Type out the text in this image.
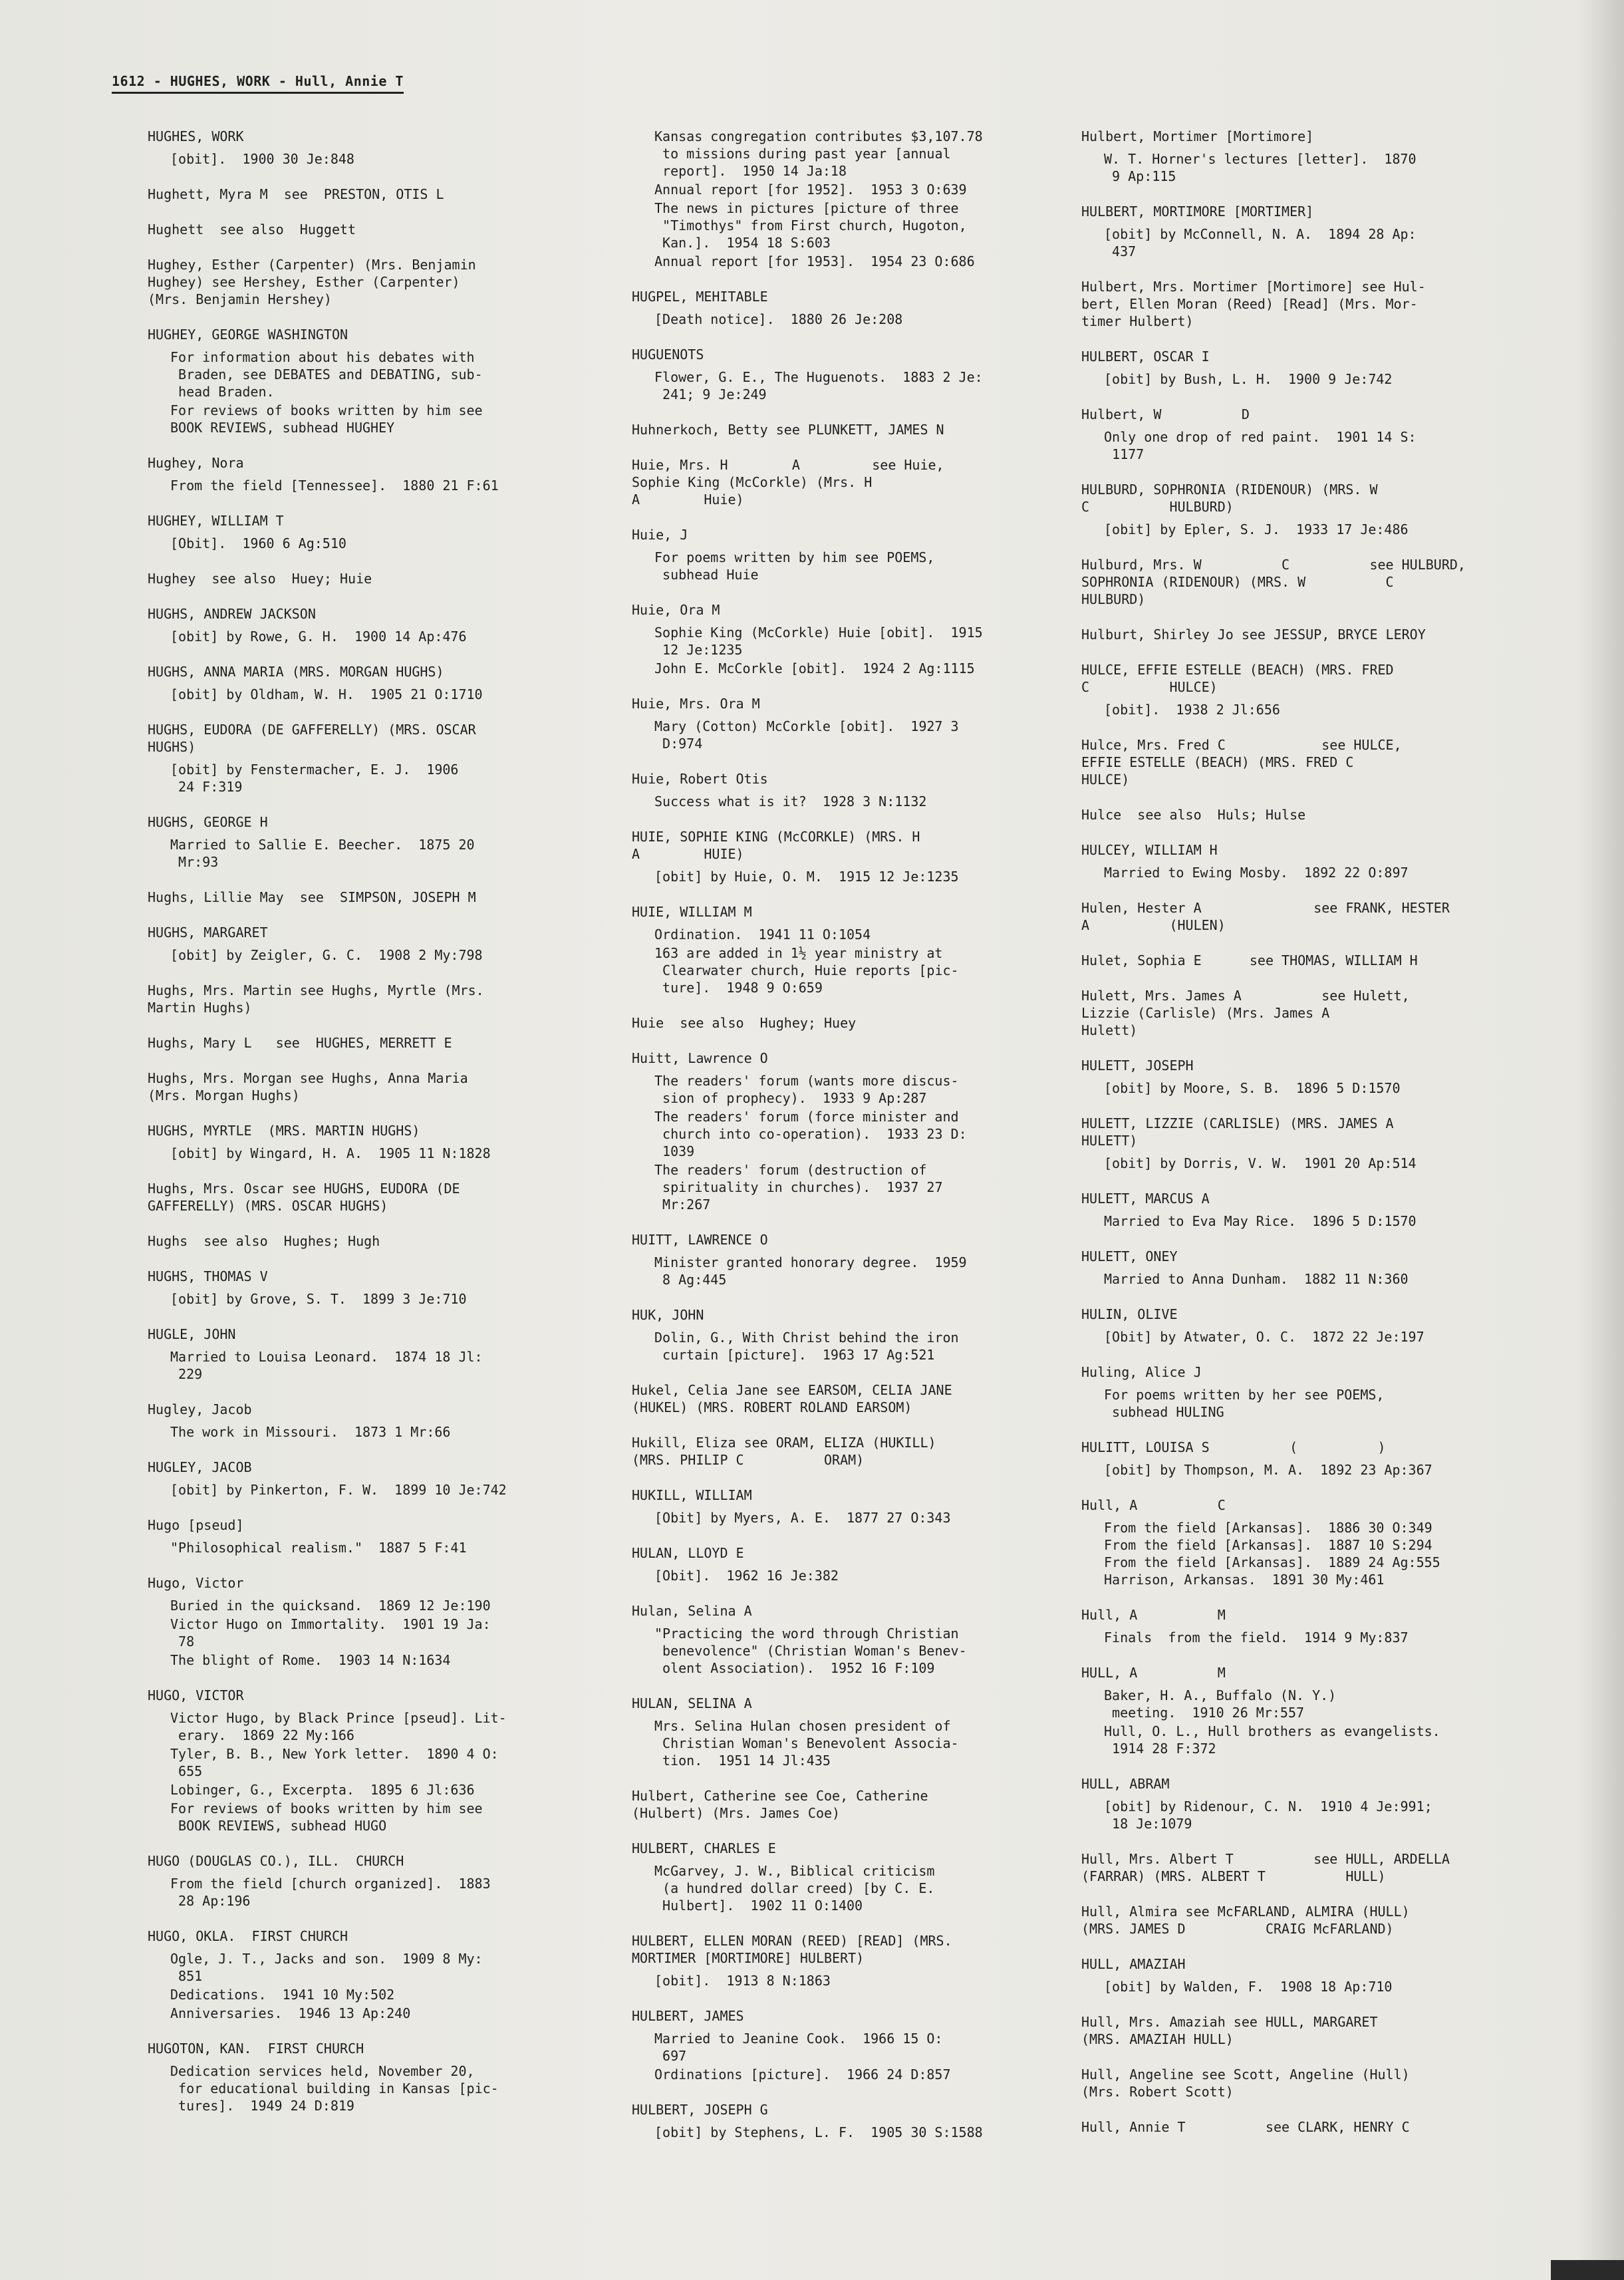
1612 - HUGHES, WORK - Hull, Annie T
HUGHES, WORK
[obit].  1900 30 Je:848
Hughett, Myra M  see  PRESTON, OTIS L
Hughett  see also  Huggett
Hughey, Esther (Carpenter) (Mrs. Benjamin
Hughey) see Hershey, Esther (Carpenter)
(Mrs. Benjamin Hershey)
HUGHEY, GEORGE WASHINGTON
For information about his debates with
Braden, see DEBATES and DEBATING, sub-
head Braden.
For reviews of books written by him see
BOOK REVIEWS, subhead HUGHEY
Hughey, Nora
From the field [Tennessee].  1880 21 F:61
HUGHEY, WILLIAM T
[Obit].  1960 6 Ag:510
Hughey  see also  Huey; Huie
HUGHS, ANDREW JACKSON
[obit] by Rowe, G. H.  1900 14 Ap:476
HUGHS, ANNA MARIA (MRS. MORGAN HUGHS)
[obit] by Oldham, W. H.  1905 21 O:1710
HUGHS, EUDORA (DE GAFFERELLY) (MRS. OSCAR
HUGHS)
[obit] by Fenstermacher, E. J.  1906
24 F:319
HUGHS, GEORGE H
Married to Sallie E. Beecher.  1875 20
Mr:93
Hughs, Lillie May  see  SIMPSON, JOSEPH M
HUGHS, MARGARET
[obit] by Zeigler, G. C.  1908 2 My:798
Hughs, Mrs. Martin see Hughs, Myrtle (Mrs.
Martin Hughs)
Hughs, Mary L   see  HUGHES, MERRETT E
Hughs, Mrs. Morgan see Hughs, Anna Maria
(Mrs. Morgan Hughs)
HUGHS, MYRTLE  (MRS. MARTIN HUGHS)
[obit] by Wingard, H. A.  1905 11 N:1828
Hughs, Mrs. Oscar see HUGHS, EUDORA (DE
GAFFERELLY) (MRS. OSCAR HUGHS)
Hughs  see also  Hughes; Hugh
HUGHS, THOMAS V
[obit] by Grove, S. T.  1899 3 Je:710
HUGLE, JOHN
Married to Louisa Leonard.  1874 18 Jl:
229
Hugley, Jacob
The work in Missouri.  1873 1 Mr:66
HUGLEY, JACOB
[obit] by Pinkerton, F. W.  1899 10 Je:742
Hugo [pseud]
"Philosophical realism."  1887 5 F:41
Hugo, Victor
Buried in the quicksand.  1869 12 Je:190
Victor Hugo on Immortality.  1901 19 Ja:
78
The blight of Rome.  1903 14 N:1634
HUGO, VICTOR
Victor Hugo, by Black Prince [pseud]. Lit-
erary.  1869 22 My:166
Tyler, B. B., New York letter.  1890 4 O:
655
Lobinger, G., Excerpta.  1895 6 Jl:636
For reviews of books written by him see
BOOK REVIEWS, subhead HUGO
HUGO (DOUGLAS CO.), ILL.  CHURCH
From the field [church organized].  1883
28 Ap:196
HUGO, OKLA.  FIRST CHURCH
Ogle, J. T., Jacks and son.  1909 8 My:
851
Dedications.  1941 10 My:502
Anniversaries.  1946 13 Ap:240
HUGOTON, KAN.  FIRST CHURCH
Dedication services held, November 20,
for educational building in Kansas [pic-
tures].  1949 24 D:819
Kansas congregation contributes $3,107.78
to missions during past year [annual
report].  1950 14 Ja:18
Annual report [for 1952].  1953 3 O:639
The news in pictures [picture of three
"Timothys" from First church, Hugoton,
Kan.].  1954 18 S:603
Annual report [for 1953].  1954 23 O:686
HUGPEL, MEHITABLE
[Death notice].  1880 26 Je:208
HUGUENOTS
Flower, G. E., The Huguenots.  1883 2 Je:
241; 9 Je:249
Huhnerkoch, Betty see PLUNKETT, JAMES N
Huie, Mrs. H        A         see Huie,
Sophie King (McCorkle) (Mrs. H
A        Huie)
Huie, J
For poems written by him see POEMS,
subhead Huie
Huie, Ora M
Sophie King (McCorkle) Huie [obit].  1915
12 Je:1235
John E. McCorkle [obit].  1924 2 Ag:1115
Huie, Mrs. Ora M
Mary (Cotton) McCorkle [obit].  1927 3
D:974
Huie, Robert Otis
Success what is it?  1928 3 N:1132
HUIE, SOPHIE KING (McCORKLE) (MRS. H
A        HUIE)
[obit] by Huie, O. M.  1915 12 Je:1235
HUIE, WILLIAM M
Ordination.  1941 11 O:1054
163 are added in 1½ year ministry at
Clearwater church, Huie reports [pic-
ture].  1948 9 O:659
Huie  see also  Hughey; Huey
Huitt, Lawrence O
The readers' forum (wants more discus-
sion of prophecy).  1933 9 Ap:287
The readers' forum (force minister and
church into co-operation).  1933 23 D:
1039
The readers' forum (destruction of
spirituality in churches).  1937 27
Mr:267
HUITT, LAWRENCE O
Minister granted honorary degree.  1959
8 Ag:445
HUK, JOHN
Dolin, G., With Christ behind the iron
curtain [picture].  1963 17 Ag:521
Hukel, Celia Jane see EARSOM, CELIA JANE
(HUKEL) (MRS. ROBERT ROLAND EARSOM)
Hukill, Eliza see ORAM, ELIZA (HUKILL)
(MRS. PHILIP C          ORAM)
HUKILL, WILLIAM
[Obit] by Myers, A. E.  1877 27 O:343
HULAN, LLOYD E
[Obit].  1962 16 Je:382
Hulan, Selina A
"Practicing the word through Christian
benevolence" (Christian Woman's Benev-
olent Association).  1952 16 F:109
HULAN, SELINA A
Mrs. Selina Hulan chosen president of
Christian Woman's Benevolent Associa-
tion.  1951 14 Jl:435
Hulbert, Catherine see Coe, Catherine
(Hulbert) (Mrs. James Coe)
HULBERT, CHARLES E
McGarvey, J. W., Biblical criticism
(a hundred dollar creed) [by C. E.
Hulbert].  1902 11 O:1400
HULBERT, ELLEN MORAN (REED) [READ] (MRS.
MORTIMER [MORTIMORE] HULBERT)
[obit].  1913 8 N:1863
HULBERT, JAMES
Married to Jeanine Cook.  1966 15 O:
697
Ordinations [picture].  1966 24 D:857
HULBERT, JOSEPH G
[obit] by Stephens, L. F.  1905 30 S:1588
Hulbert, Mortimer [Mortimore]
W. T. Horner's lectures [letter].  1870
9 Ap:115
HULBERT, MORTIMORE [MORTIMER]
[obit] by McConnell, N. A.  1894 28 Ap:
437
Hulbert, Mrs. Mortimer [Mortimore] see Hul-
bert, Ellen Moran (Reed) [Read] (Mrs. Mor-
timer Hulbert)
HULBERT, OSCAR I
[obit] by Bush, L. H.  1900 9 Je:742
Hulbert, W          D
Only one drop of red paint.  1901 14 S:
1177
HULBURD, SOPHRONIA (RIDENOUR) (MRS. W
C          HULBURD)
[obit] by Epler, S. J.  1933 17 Je:486
Hulburd, Mrs. W          C          see HULBURD,
SOPHRONIA (RIDENOUR) (MRS. W          C
HULBURD)
Hulburt, Shirley Jo see JESSUP, BRYCE LEROY
HULCE, EFFIE ESTELLE (BEACH) (MRS. FRED
C          HULCE)
[obit].  1938 2 Jl:656
Hulce, Mrs. Fred C            see HULCE,
EFFIE ESTELLE (BEACH) (MRS. FRED C
HULCE)
Hulce  see also  Huls; Hulse
HULCEY, WILLIAM H
Married to Ewing Mosby.  1892 22 O:897
Hulen, Hester A              see FRANK, HESTER
A          (HULEN)
Hulet, Sophia E      see THOMAS, WILLIAM H
Hulett, Mrs. James A          see Hulett,
Lizzie (Carlisle) (Mrs. James A
Hulett)
HULETT, JOSEPH
[obit] by Moore, S. B.  1896 5 D:1570
HULETT, LIZZIE (CARLISLE) (MRS. JAMES A
HULETT)
[obit] by Dorris, V. W.  1901 20 Ap:514
HULETT, MARCUS A
Married to Eva May Rice.  1896 5 D:1570
HULETT, ONEY
Married to Anna Dunham.  1882 11 N:360
HULIN, OLIVE
[Obit] by Atwater, O. C.  1872 22 Je:197
Huling, Alice J
For poems written by her see POEMS,
subhead HULING
HULITT, LOUISA S          (          )
[obit] by Thompson, M. A.  1892 23 Ap:367
Hull, A          C
From the field [Arkansas].  1886 30 O:349
From the field [Arkansas].  1887 10 S:294
From the field [Arkansas].  1889 24 Ag:555
Harrison, Arkansas.  1891 30 My:461
Hull, A          M
Finals  from the field.  1914 9 My:837
HULL, A          M
Baker, H. A., Buffalo (N. Y.)
meeting.  1910 26 Mr:557
Hull, O. L., Hull brothers as evangelists.
1914 28 F:372
HULL, ABRAM
[obit] by Ridenour, C. N.  1910 4 Je:991;
18 Je:1079
Hull, Mrs. Albert T          see HULL, ARDELLA
(FARRAR) (MRS. ALBERT T          HULL)
Hull, Almira see McFARLAND, ALMIRA (HULL)
(MRS. JAMES D          CRAIG McFARLAND)
HULL, AMAZIAH
[obit] by Walden, F.  1908 18 Ap:710
Hull, Mrs. Amaziah see HULL, MARGARET
(MRS. AMAZIAH HULL)
Hull, Angeline see Scott, Angeline (Hull)
(Mrs. Robert Scott)
Hull, Annie T          see CLARK, HENRY C
